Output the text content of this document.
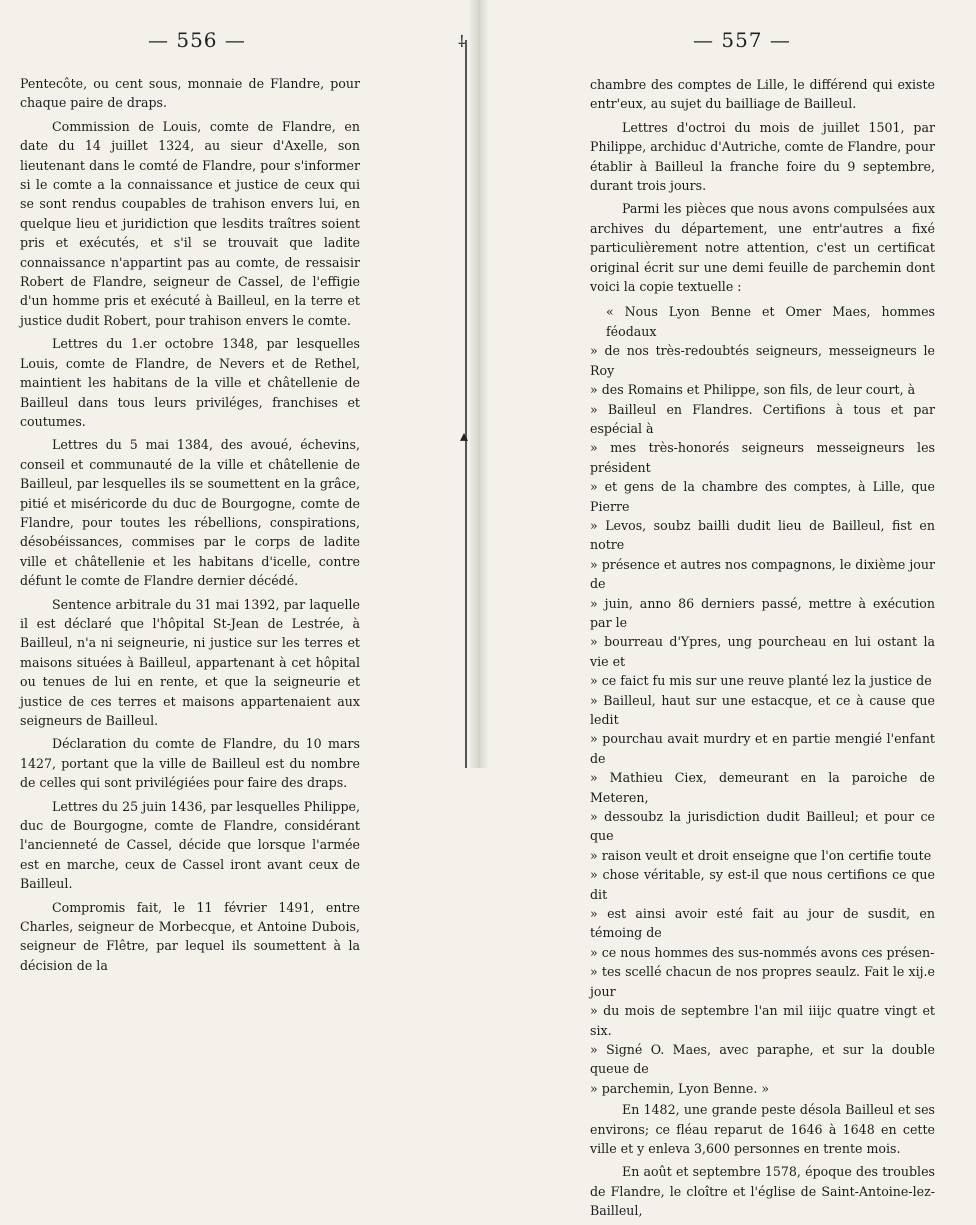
— 556 —

Pentecôte, ou cent sous, monnaie de Flandre, pour chaque paire de draps.

Commission de Louis, comte de Flandre, en date du 14 juillet 1324, au sieur d'Axelle, son lieutenant dans le comté de Flandre, pour s'informer si le comte a la connaissance et justice de ceux qui se sont rendus coupables de trahison envers lui, en quelque lieu et juridiction que lesdits traîtres soient pris et exécutés, et s'il se trouvait que ladite connaissance n'appartint pas au comte, de ressaisir Robert de Flandre, seigneur de Cassel, de l'effigie d'un homme pris et exécuté à Bailleul, en la terre et justice dudit Robert, pour trahison envers le comte.

Lettres du 1.er octobre 1348, par lesquelles Louis, comte de Flandre, de Nevers et de Rethel, maintient les habitans de la ville et châtellenie de Bailleul dans tous leurs priviléges, franchises et coutumes.

Lettres du 5 mai 1384, des avoué, échevins, conseil et communauté de la ville et châtellenie de Bailleul, par lesquelles ils se soumettent en la grâce, pitié et miséricorde du duc de Bourgogne, comte de Flandre, pour toutes les rébellions, conspirations, désobéissances, commises par le corps de ladite ville et châtellenie et les habitans d'icelle, contre défunt le comte de Flandre dernier décédé.

Sentence arbitrale du 31 mai 1392, par laquelle il est déclaré que l'hôpital St-Jean de Lestrée, à Bailleul, n'a ni seigneurie, ni justice sur les terres et maisons situées à Bailleul, appartenant à cet hôpital ou tenues de lui en rente, et que la seigneurie et justice de ces terres et maisons appartenaient aux seigneurs de Bailleul.

Déclaration du comte de Flandre, du 10 mars 1427, portant que la ville de Bailleul est du nombre de celles qui sont privilégiées pour faire des draps.

Lettres du 25 juin 1436, par lesquelles Philippe, duc de Bourgogne, comte de Flandre, considérant l'ancienneté de Cassel, décide que lorsque l'armée est en marche, ceux de Cassel iront avant ceux de Bailleul.

Compromis fait, le 11 février 1491, entre Charles, seigneur de Morbecque, et Antoine Dubois, seigneur de Flêtre, par lequel ils soumettent à la décision de la

⸸
▴
— 557 —

chambre des comptes de Lille, le différend qui existe entr'eux, au sujet du bailliage de Bailleul.

Lettres d'octroi du mois de juillet 1501, par Philippe, archiduc d'Autriche, comte de Flandre, pour établir à Bailleul la franche foire du 9 septembre, durant trois jours.

Parmi les pièces que nous avons compulsées aux archives du département, une entr'autres a fixé particulièrement notre attention, c'est un certificat original écrit sur une demi feuille de parchemin dont voici la copie textuelle :

« Nous Lyon Benne et Omer Maes, hommes féodaux
» de nos très-redoubtés seigneurs, messeigneurs le Roy
» des Romains et Philippe, son fils, de leur court, à
» Bailleul en Flandres. Certifions à tous et par espécial à
» mes très-honorés seigneurs messeigneurs les président
» et gens de la chambre des comptes, à Lille, que Pierre
» Levos, soubz bailli dudit lieu de Bailleul, fist en notre
» présence et autres nos compagnons, le dixième jour de
» juin, anno 86 derniers passé, mettre à exécution par le
» bourreau d'Ypres, ung pourcheau en lui ostant la vie et
» ce faict fu mis sur une reuve planté lez la justice de
» Bailleul, haut sur une estacque, et ce à cause que ledit
» pourchau avait murdry et en partie mengié l'enfant de
» Mathieu Ciex, demeurant en la paroiche de Meteren,
» dessoubz la jurisdiction dudit Bailleul; et pour ce que
» raison veult et droit enseigne que l'on certifie toute
» chose véritable, sy est-il que nous certifions ce que dit
» est ainsi avoir esté fait au jour de susdit, en témoing de
» ce nous hommes des sus-nommés avons ces présen-
» tes scellé chacun de nos propres seaulz. Fait le xij.e jour
» du mois de septembre l'an mil iiijc quatre vingt et six.
» Signé O. Maes, avec paraphe, et sur la double queue de
» parchemin, Lyon Benne. »

En 1482, une grande peste désola Bailleul et ses environs; ce fléau reparut de 1646 à 1648 en cette ville et y enleva 3,600 personnes en trente mois.

En août et septembre 1578, époque des troubles de Flandre, le cloître et l'église de Saint-Antoine-lez-Bailleul,
